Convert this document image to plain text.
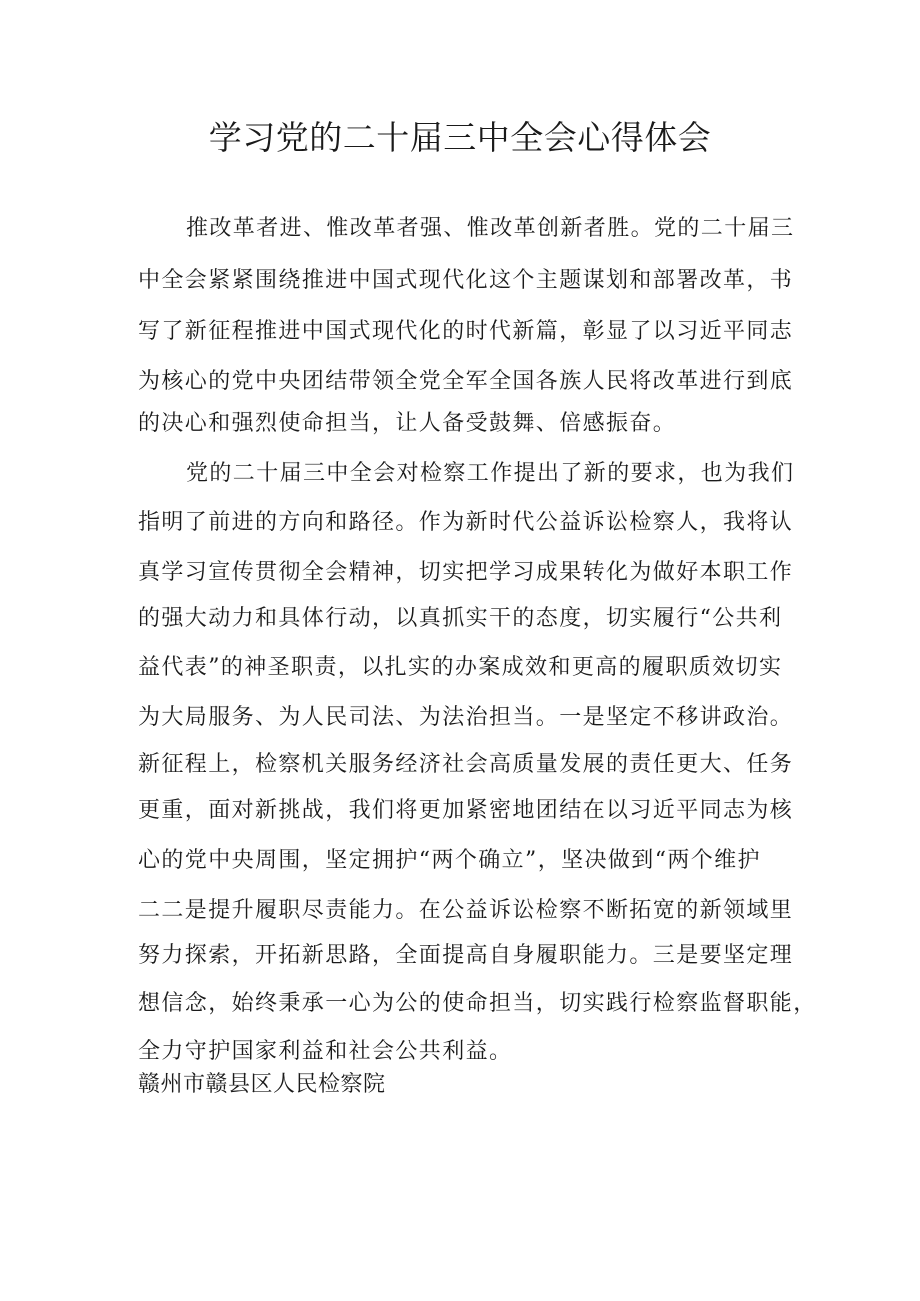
学习党的二十届三中全会心得体会
推改革者进、惟改革者强、惟改革创新者胜。党的二十届三
中全会紧紧围绕推进中国式现代化这个主题谋划和部署改革，书
写了新征程推进中国式现代化的时代新篇，彰显了以习近平同志
为核心的党中央团结带领全党全军全国各族人民将改革进行到底
的决心和强烈使命担当，让人备受鼓舞、倍感振奋。
党的二十届三中全会对检察工作提出了新的要求，也为我们
指明了前进的方向和路径。作为新时代公益诉讼检察人，我将认
真学习宣传贯彻全会精神，切实把学习成果转化为做好本职工作
的强大动力和具体行动，以真抓实干的态度，切实履行“公共利
益代表”的神圣职责，以扎实的办案成效和更高的履职质效切实
为大局服务、为人民司法、为法治担当。一是坚定不移讲政治。
新征程上，检察机关服务经济社会高质量发展的责任更大、任务
更重，面对新挑战，我们将更加紧密地团结在以习近平同志为核
心的党中央周围，坚定拥护“两个确立”，坚决做到“两个维护
二二是提升履职尽责能力。在公益诉讼检察不断拓宽的新领域里
努力探索，开拓新思路，全面提高自身履职能力。三是要坚定理
想信念，始终秉承一心为公的使命担当，切实践行检察监督职能，
全力守护国家利益和社会公共利益。
赣州市赣县区人民检察院
